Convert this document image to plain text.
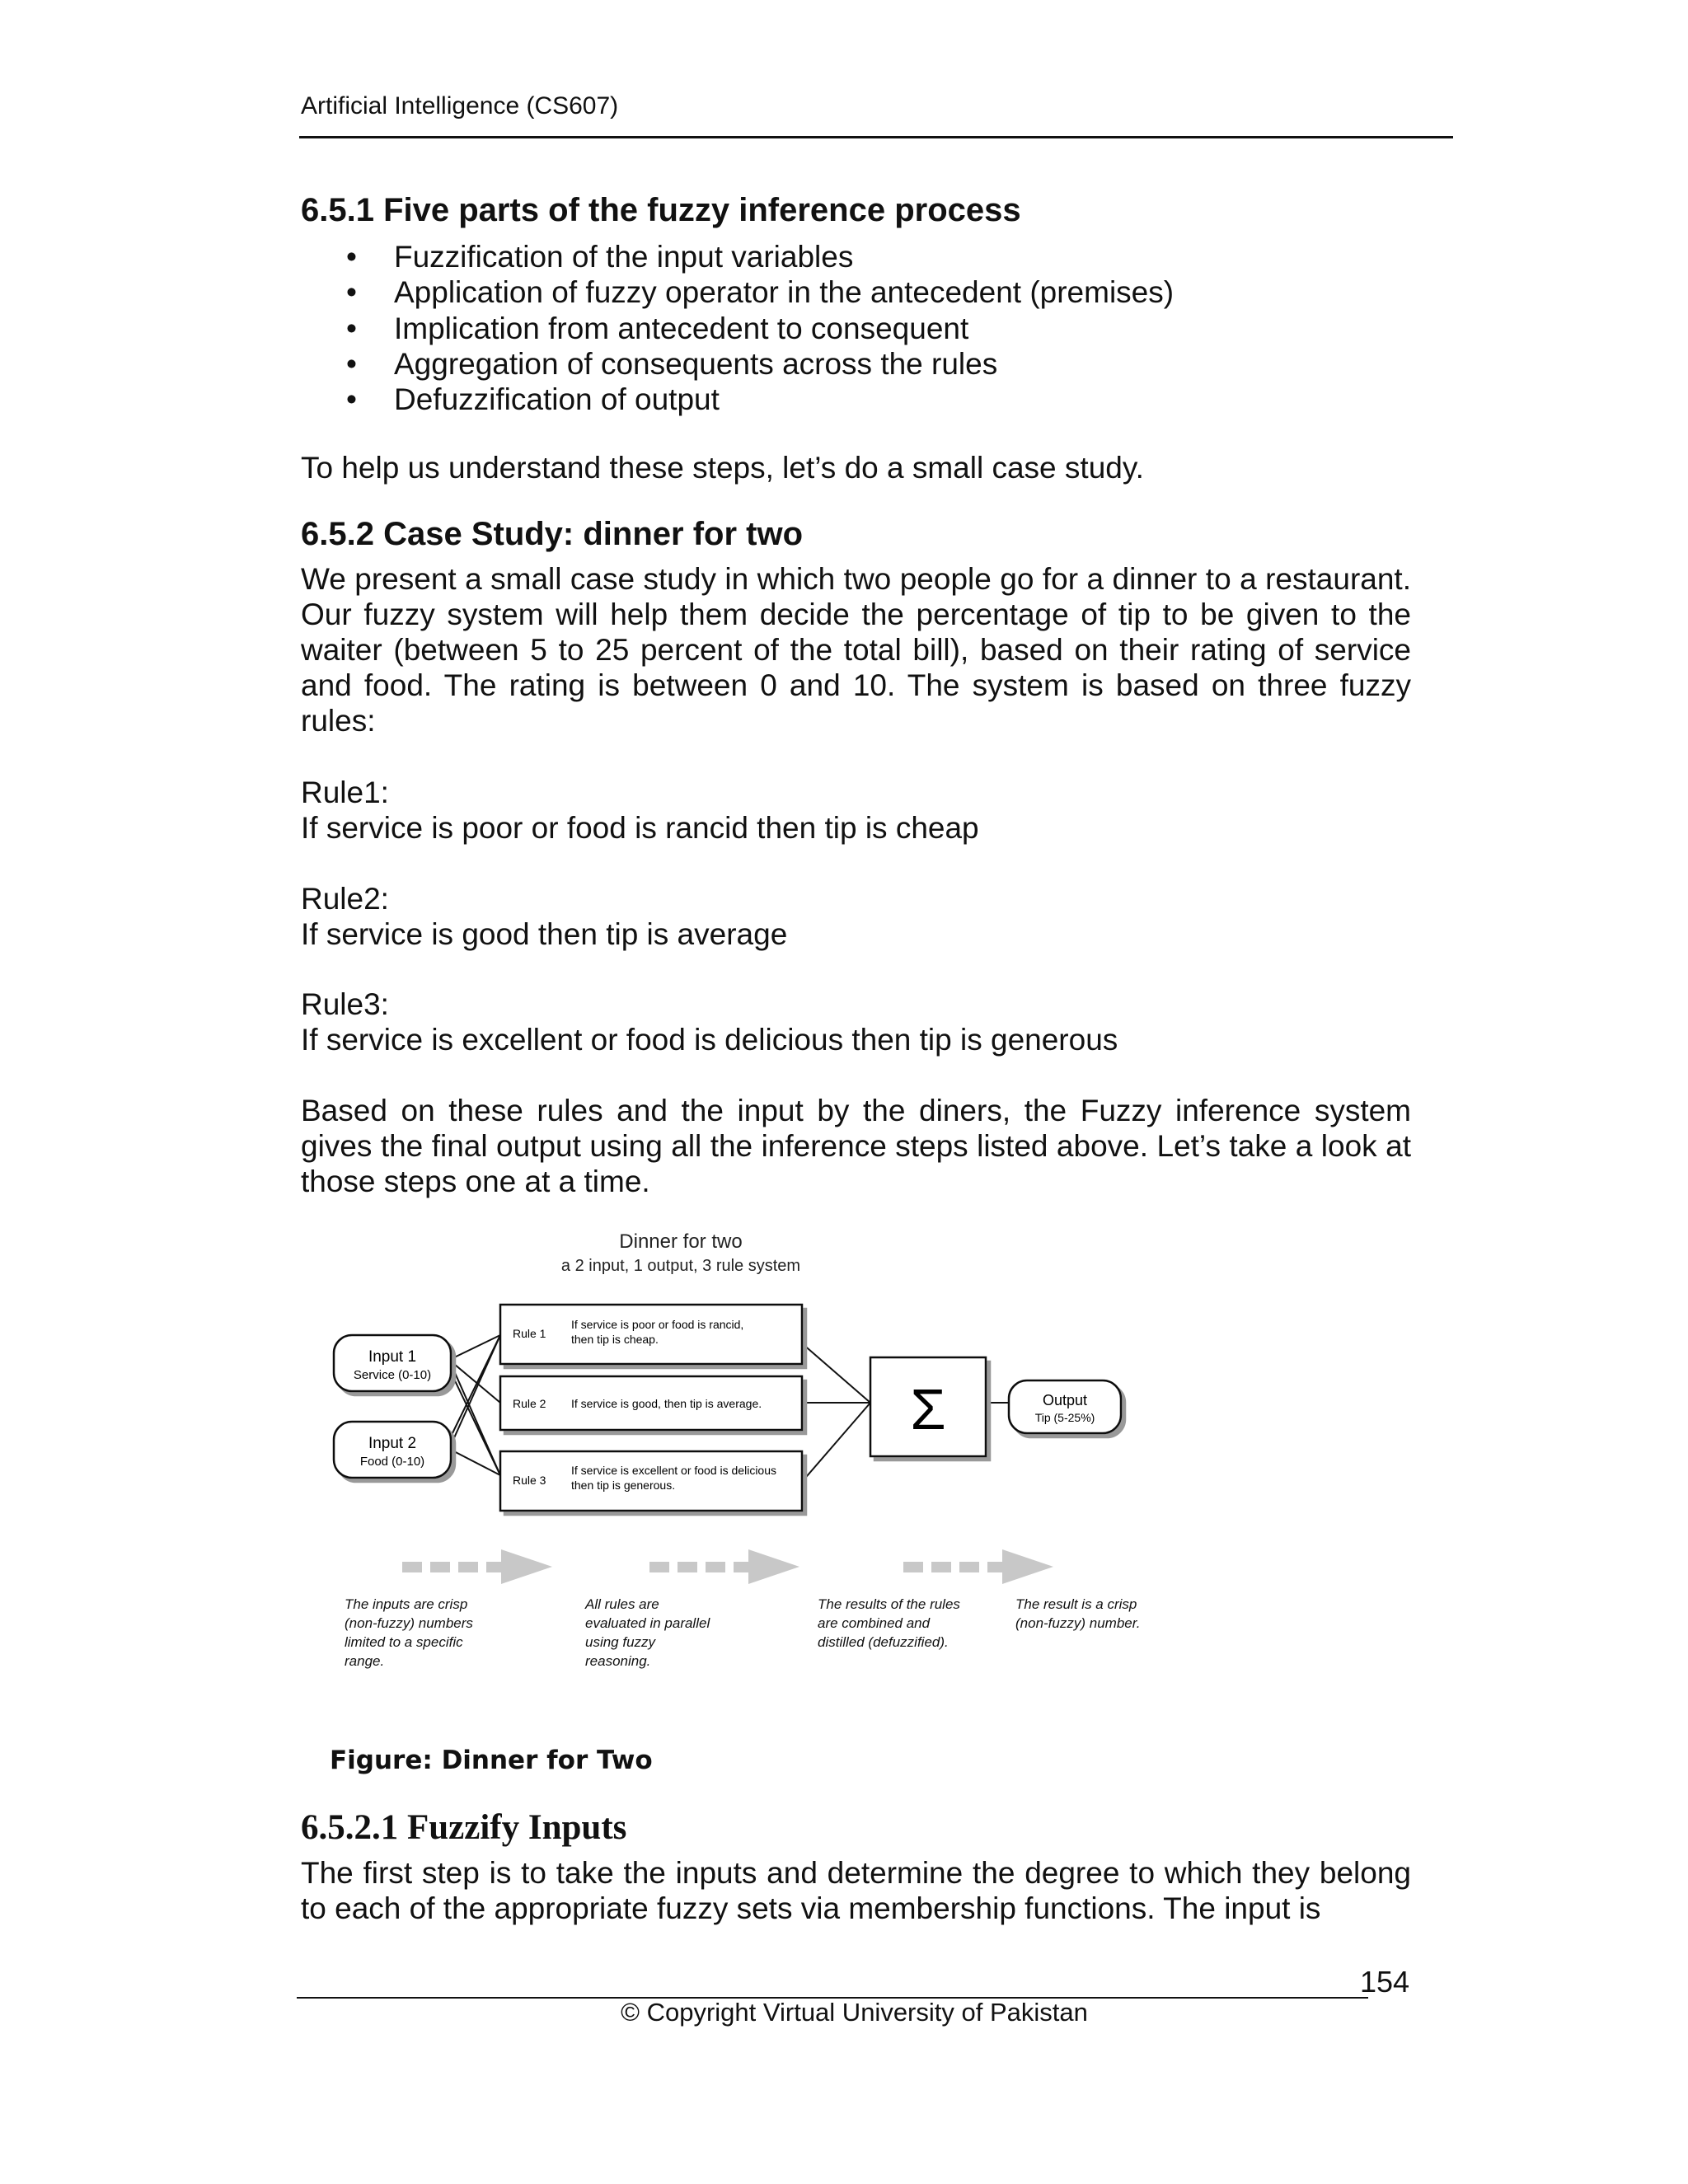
Artificial Intelligence (CS607)
6.5.1 Five parts of the fuzzy inference process
• Fuzzification of the input variables
• Application of fuzzy operator in the antecedent (premises)
• Implication from antecedent to consequent
• Aggregation of consequents across the rules
• Defuzzification of output
To help us understand these steps, let’s do a small case study.
6.5.2 Case Study: dinner for two
We present a small case study in which two people go for a dinner to a restaurant. Our fuzzy system will help them decide the percentage of tip to be given to the waiter (between 5 to 25 percent of the total bill), based on their rating of service and food. The rating is between 0 and 10. The system is based on three fuzzy rules:
Rule1:
If service is poor or food is rancid then tip is cheap
Rule2:
If service is good then tip is average
Rule3:
If service is excellent or food is delicious then tip is generous
Based on these rules and the input by the diners, the Fuzzy inference system gives the final output using all the inference steps listed above. Let’s take a look at those steps one at a time.
Dinner for two
a 2 input, 1 output, 3 rule system
Input 1
Service (0-10)
Input 2
Food (0-10)
Rule 1
If service is poor or food is rancid,
then tip is cheap.
Rule 2 If service is good, then tip is average.
Rule 3
If service is excellent or food is delicious
then tip is generous.
Σ	Output
Tip (5-25%)
The inputs are crisp
(non-fuzzy) numbers
limited to a specific
range.
All rules are
evaluated in parallel
using fuzzy
reasoning.
The results of the rules
are combined and
distilled (defuzzified).
The result is a crisp
(non-fuzzy) number.
Figure: Dinner for Two
6.5.2.1 Fuzzify Inputs
The first step is to take the inputs and determine the degree to which they belong to each of the appropriate fuzzy sets via membership functions. The input is
154
© Copyright Virtual University of Pakistan
